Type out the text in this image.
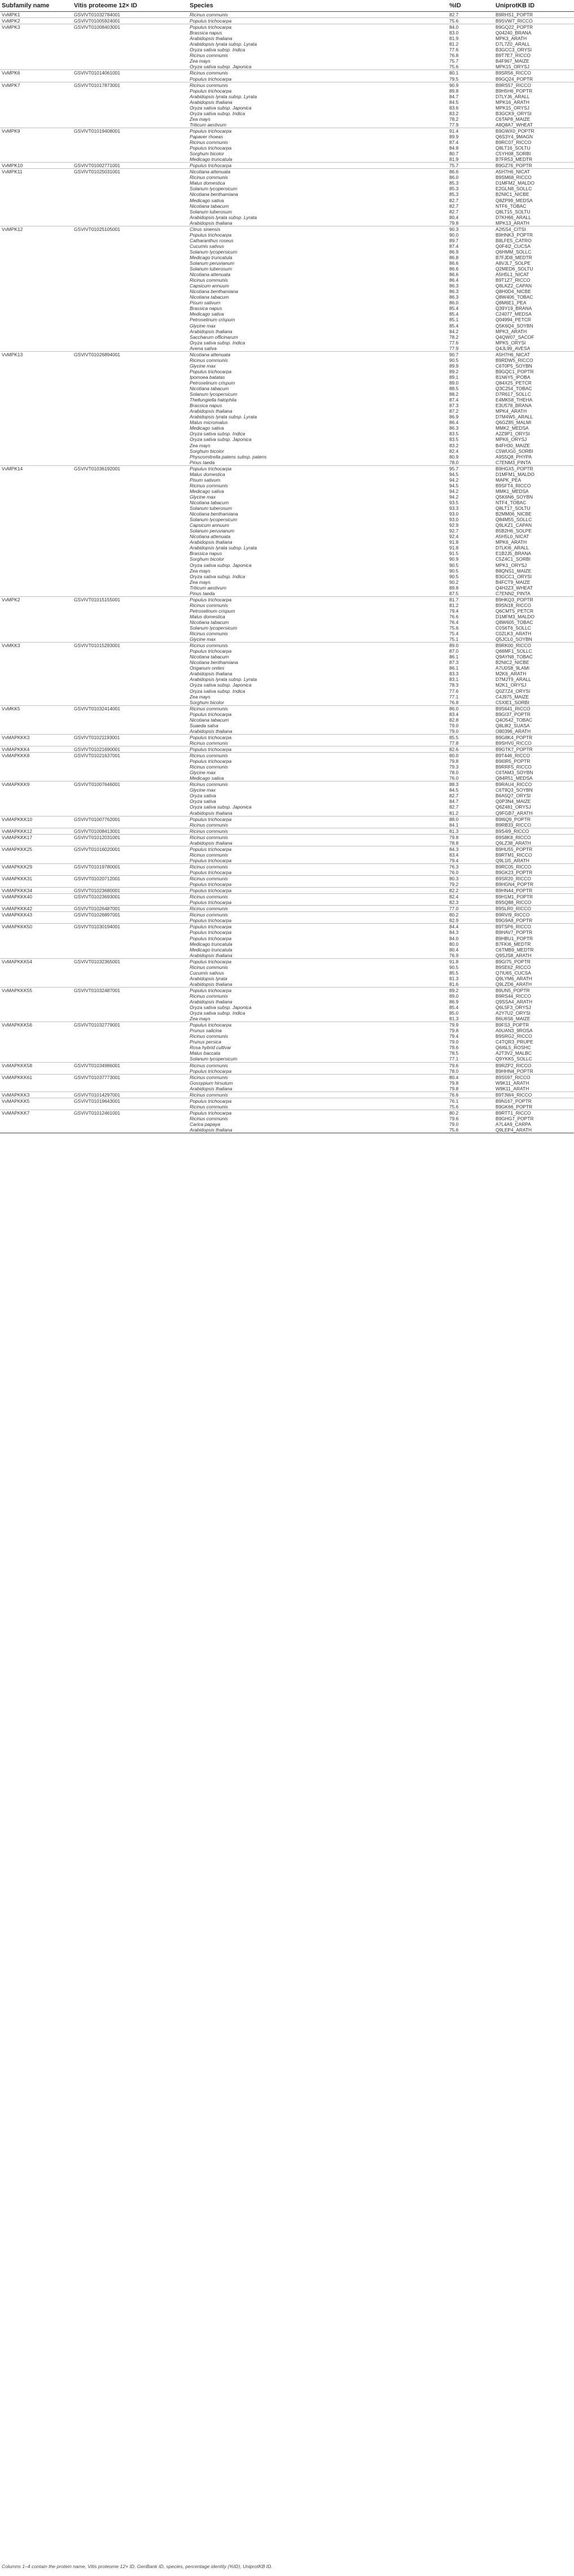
Subfamily name	Vitis proteome 12× ID	Species	%ID	UniprotKB ID
VvMPK1	GSVIVT01032784001	Ricinus communis	82.7	B9RHS1_POPTR
VvMPK2	GSVIVT01005924001	Populus trichocarpa	75.6	B9SVW7_RICCO
VvMPK3	GSVIVT01008403001	Populus trichocarpa	84.0	B9GQ22_POPTR
		Brassica napus	83.0	Q04240_BRANA
		Arabidopsis thaliana	81.9	MPK3_ARATH
		Arabidopsis lyrata subsp. Lyrata	81.2	D7L7Z0_ARALL
		Oryza sativa subsp. Indica	77.6	B3GCC3_ORYSI
		Ricinus communis	76.8	B9T7E7_RICCO
		Zea mays	75.7	B4F967_MAIZE
		Oryza sativa subsp. Japonica	75.6	MPK15_ORYSJ
VvMPK6	GSVIVT01014061001	Ricinus communis	80.1	B9SR56_RICCO
		Populus trichocarpa	79.5	B9GQ24_POPTR
VvMPK7	GSVIVT01017873001	Ricinus communis	90.9	B9RS57_RICCO
		Populus trichocarpa	89.8	B9H5H6_POPTR
		Arabidopsis lyrata subsp. Lyrata	84.7	D7LYJ6_ARALL
		Arabidopsis thaliana	84.5	MPK16_ARATH
		Oryza sativa subsp. Japonica	83.6	MPK15_ORYSJ
		Oryza sativa subsp. Indica	83.2	B3GCK9_ORYSI
		Zea mays	78.2	C6TAP8_MAIZE
		Triticum aestivum	77.9	A8Q8A7_WHEAT
VvMPK9	GSVIVT01019408001	Populus trichocarpa	91.4	B9GWX0_POPTR
		Papaver rhoeas	89.9	Q6S3Y4_9MAGN
		Ricinus communis	87.4	B9RC07_RICCO
		Populus trichocarpa	84.8	Q8LT16_SOLTU
		Sorghum bicolor	80.7	C5YH08_SORBI
		Medicago truncatula	81.9	B7FR53_MEDTR
VvMPK10	GSVIVT01002771001	Populus trichocarpa	75.7	B9GZ76_POPTR
VvMPK11	GSVIVT01025031001	Nicotiana attenuata	86.6	A5H7H6_NICAT
		Ricinus communis	86.0	B9SM68_RICCO
		Malus domestica	85.3	D1MFM2_MALDO
		Solanum lycopersicum	85.3	E2GLN8_SOLLC
		Nicotiana benthamiana	85.3	B2NIC1_NICBE
		Medicago sativa	82.7	Q8ZP99_MEDSA
		Nicotiana tabacum	82.7	NTF6_TOBAC
		Solanum tuberosum	82.7	Q8LT15_SOLTU
		Arabidopsis lyrata subsp. Lyrata	80.4	D7KH66_ARALL
		Arabidopsis thaliana	79.8	MPK13_ARATH
VvMPK12	GSVIVT01025105001	Citrus sinensis	90.3	A2I5S4_CITSI
		Populus trichocarpa	90.0	B9HNK3_POPTR
		Catharanthus roseus	89.7	B8LFE5_CATRO
		Cucumis sativus	87.4	Q0F4I2_CUCSA
		Solanum lycopersicum	86.9	Q6HMM_SOLLC
		Medicago truncatula	86.8	B7FJD8_MEDTR
		Solanum peruvianum	86.6	A8VJL7_SOLPE
		Solanum tuberosum	86.6	Q2MED6_SOLTU
		Nicotiana attenuata	86.6	A5H5L1_NICAT
		Ricinus communis	86.4	B9T1Z7_RICCO
		Capsicum annuum	86.3	Q8LKZ2_CAPAN
		Nicotiana benthamiana	86.3	Q8H0D4_NICBE
		Nicotiana tabacum	86.3	Q8W406_TOBAC
		Pisum sativum	86.0	Q8M6E1_PEA
		Brassica napus	85.4	Q39Y19_BRANA
		Medicago sativa	85.4	C24077_MEDSA
		Petroselinum crispum	85.1	Q04994_PETCR
		Glycine max	85.4	Q5K6Q4_SOYBN
		Arabidopsis thaliana	84.2	MPK3_ARATH
		Saccharum officinarum	78.2	Q4QW07_SACOF
		Oryza sativa subsp. Indica	77.6	MPK5_ORYSI
		Avena sativa	77.9	Q4JL99_AVESA
VvMPK13	GSVIVT01026894001	Nicotiana attenuata	90.7	A5H7H6_NICAT
		Ricinus communis	90.5	B9RDW5_RICCO
		Glycine max	89.9	C6T0P5_SOYBN
		Populus trichocarpa	89.2	B9GQC1_POPTR
		Ipomoea batatas	89.1	B1N6Y5_IPOBA
		Petroselinum crispum	89.0	Q84X25_PETCR
		Nicotiana tabacum	88.5	Q3C254_TOBAC
		Solanum lycopersicum	88.2	D7R617_SOLLC
		Thellungiella halophila	87.4	E4MK58_THEHA
		Brassica napus	87.3	E3U578_BRANA
		Arabidopsis thaliana	87.2	MPK4_ARATH
		Arabidopsis lyrata subsp. Lyrata	86.9	D7M4W5_ARALL
		Malus micromalus	86.4	Q6GZ85_MALMI
		Medicago sativa	86.3	MMK2_MEDSA
		Oryza sativa subsp. Indica	83.5	A2Z9P1_ORYSI
		Oryza sativa subsp. Japonica	83.5	MPK6_ORYSJ
		Zea mays	83.2	B4FH30_MAIZE
		Sorghum bicolor	82.4	C5WUG0_SORBI
		Physcomitrella patens subsp. patens	80.9	A9S5Q8_PHYPA
		Pinus taeda	78.0	C7ENM3_PINTA
VvMPK14	GSVIVT01036192001	Populus trichocarpa	95.7	B9HGX5_POPTR
		Malus domestica	94.5	D1MFM1_MALDO
		Pisum sativum	94.2	MAPK_PEA
		Ricinus communis	94.5	B9SFT4_RICCO
		Medicago sativa	94.2	MMK1_MEDSA
		Glycine max	94.2	Q5K6N6_SOYBN
		Nicotiana tabacum	93.5	NTF4_TOBAC
		Solanum tuberosum	93.3	Q8LT17_SOLTU
		Nicotiana benthamiana	93.0	B2MM06_NICBE
		Solanum lycopersicum	93.0	Q84M55_SOLLC
		Capsicum annuum	92.9	Q9LKZ1_CAPAN
		Solanum peruvianum	92.7	B5B2H6_SOLPE
		Nicotiana attenuata	92.4	A5H5L0_NICAT
		Arabidopsis thaliana	91.8	MPK6_ARATH
		Arabidopsis lyrata subsp. Lyrata	91.8	D7LKI6_ARALL
		Brassica napus	91.5	E1B2J5_BRANA
		Sorghum bicolor	90.9	C5Z4C1_SORBI
		Oryza sativa subsp. Japonica	90.5	MPK1_ORYSJ
		Zea mays	90.5	B8QNS1_MAIZE
		Oryza sativa subsp. Indica	90.5	B3GCC1_ORYSI
		Zea mays	90.2	B4FCT9_MAIZE
		Triticum aestivum	89.8	Q4H2Z3_WHEAT
		Pinus taeda	87.5	C7ENN2_PINTA
VvMPK2	GSVIVT01015155001	Populus trichocarpa	81.7	B9HKQ3_POPTR
		Ricinus communis	81.2	B9SN18_RICCO
		Petroselinum crispum	79.4	Q6CMT5_PETCR
		Malus domestica	76.6	D1MFM3_MALDO
		Nicotiana tabacum	76.4	Q8W605_TOBAC
		Solanum lycopersicum	75.6	C0S6T6_SOLLC
		Ricinus communis	75.4	C0ZLK3_ARATH
		Glycine max	75.1	Q5JCL0_SOYBN
VvMKK3	GSVIVT01015293001	Ricinus communis	89.0	B9RK00_RICCO
		Populus trichocarpa	87.0	Q66MF1_SOLLC
		Nicotiana tabacum	86.1	Q9AYN8_TOBAC
		Nicotiana benthamiana	87.3	B2NIC2_NICBE
		Origanum onites	86.1	A7U0S8_9LAMI
		Arabidopsis thaliana	83.3	M2K6_ARATH
		Arabidopsis lyrata subsp. Lyrata	83.1	D7MJT9_ARALL
		Oryza sativa subsp. Japonica	78.3	M2K1_ORYSJ
		Oryza sativa subsp. Indica	77.6	Q0Z7Z4_ORYSI
		Zea mays	77.1	C4J975_MAIZE
		Sorghum bicolor	76.8	C5XIE1_SORBI
VvMKK5	GSVIVT01032414001	Ricinus communis	86.0	B9S641_RICCO
		Populus trichocarpa	83.4	B9GI37_POPTR
		Nicotiana tabacum	82.8	Q4O542_TOBAC
		Suaeda salsa	79.0	Q8L8I2_SUASA
		Arabidopsis thaliana	79.0	O80396_ARATH
VvMAPKKK3	GSVIVT01021193001	Populus trichocarpa	85.5	B9G8K4_POPTR
		Ricinus communis	77.8	B9SHV0_RICCO
VvMAPKKK4	GSVIVT01021690001	Populus trichocarpa	82.6	B9GTK7_POPTR
VvMAPKKK8	GSVIVT01021637001	Ricinus communis	80.0	B9T446_RICCO
		Populus trichocarpa	79.8	B9I0R5_POPTR
		Ricinus communis	79.3	B9RRF5_RICCO
		Glycine max	78.0	C6TAM3_SOYBN
		Medicago sativa	76.0	Q84R51_MEDSA
VvMAPKKK9	GSVIVT01007646001	Ricinus communis	88.3	B9RAU4_RICCO
		Glycine max	84.5	C6T9Q3_SOYBN
		Oryza sativa	82.7	B6A5Q7_ORYSI
		Oryza sativa	84.7	Q0P3N4_MAIZE
		Oryza sativa subsp. Japonica	82.7	Q6Z481_ORYSJ
		Arabidopsis thaliana	81.2	Q9FGB7_ARATH
VvMAPKKK10	GSVIVT01007762001	Populus trichocarpa	88.0	B9I6Q9_POPTR
		Ricinus communis	84.1	B9RB33_RICCO
VvMAPKKK12	GSVIVT01008413001	Ricinus communis	81.3	B9S4I9_RICCO
VvMAPKKK17	GSVIVT01012031001	Ricinus communis	79.8	B9S8K8_RICCO
		Arabidopsis thaliana	78.8	Q9LZ38_ARATH
VvMAPKKK25	GSVIVT01016020001	Populus trichocarpa	84.3	B9HU55_POPTR
		Ricinus communis	83.4	B9RTM1_RICCO
		Populus trichocarpa	79.4	Q9L1I5_ARATH
VvMAPKKK29	GSVIVT01019780001	Ricinus communis	76.3	B9RC05_RICCO
		Populus trichocarpa	76.0	B9GK23_POPTR
VvMAPKKK31	GSVIVT01020712001	Ricinus communis	80.3	B9SR20_RICCO
		Populus trichocarpa	79.2	B9HGN4_POPTR
VvMAPKKK34	GSVIVT01023680001	Populus trichocarpa	82.2	B9HN44_POPTR
VvMAPKKK40	GSVIVT01023693001	Ricinus communis	82.4	B9H1M1_POPTR
		Populus trichocarpa	82.3	B9SQ88_RICCO
VvMAPKKK42	GSVIVT01026487001	Ricinus communis	77.0	B9SLR0_RICCO
VvMAPKKK43	GSVIVT01026897001	Ricinus communis	80.2	B9RVI9_RICCO
		Populus trichocarpa	82.9	B9G9A8_POPTR
VvMAPKKK50	GSVIVT01030194001	Populus trichocarpa	84.4	B9TSP6_RICCO
		Populus trichocarpa	84.3	B9HAV7_POPTR
		Populus trichocarpa	84.0	B9HBU1_POPTR
		Medicago truncatula	80.0	B7FKI6_MEDTR
		Medicago truncatula	80.4	C6TMB9_MEDTR
		Arabidopsis thaliana	76.9	Q9SJS8_ARATH
VvMAPKKK54	GSVIVT01032365001	Populus trichocarpa	91.8	B9GI75_POPTR
		Ricinus communis	90.5	B9SE62_RICCO
		Cucumis sativus	85.5	Q7IU65_CUCSA
		Arabidopsis lyrata	81.3	Q9LYM6_ARATH
		Arabidopsis thaliana	81.6	Q9LZD6_ARATH
VvMAPKKK55	GSVIVT01032487001	Populus trichocarpa	89.2	B9UN5_POPTR
		Ricinus communis	89.0	B9RS44_RICCO
		Arabidopsis thaliana	86.9	Q9SSA4_ARATH
		Oryza sativa subsp. Japonica	85.4	Q6L5F3_ORYSJ
		Oryza sativa subsp. Indica	85.0	A2Y7U2_ORYSI
		Zea mays	81.3	B6U6S6_MAIZE
VvMAPKKK56	GSVIVT01032779001	Populus trichocarpa	79.9	B9FS3_POPTR
		Prunus salicina	79.8	A0UAN3_9ROSA
		Ricinus communis	79.4	B9SRG2_RICCO
		Prunus persica	79.0	C4TQR3_PRUPE
		Rosa hybrid cultivar	78.6	Q6I6L5_ROSHC
		Malus baccata	78.5	A2T3V2_MALBC
		Solanum lycopersicum	77.1	Q9YKK5_SOLLC
VvMAPKKK58	GSVIVT01034986001	Ricinus communis	79.6	B9RZP2_RICCO
		Populus trichocarpa	78.0	B9HHN4_POPTR
VvMAPKKK61	GSVIVT01037773001	Ricinus communis	80.4	B9S597_RICCO
		Gossypium hirsutum	79.8	W9K11_ARATH
		Arabidopsis thaliana	79.8	W9K11_ARATH
VvMAPKKK3	GSVIVT01014297001	Ricinus communis	76.6	B9T3W4_RICCO
VvMAPKKK5	GSVIVT01019643001	Populus trichocarpa	76.1	B9N167_POPTR
		Ricinus communis	75.6	B9GK66_POPTR
VvMAPKKK7	GSVIVT01012461001	Populus trichocarpa	80.2	B9RTT1_RICCO
		Ricinus communis	79.6	B9GHG7_POPTR
		Carica papaya	79.0	A7L4A9_CARPA
		Arabidopsis thaliana	75.6	Q9LEP4_ARATH
Columns 1–4 contain the protein name, Vitis proteome 12× ID, GenBank ID, species, percentage identity (%ID), UniprotKB ID.
